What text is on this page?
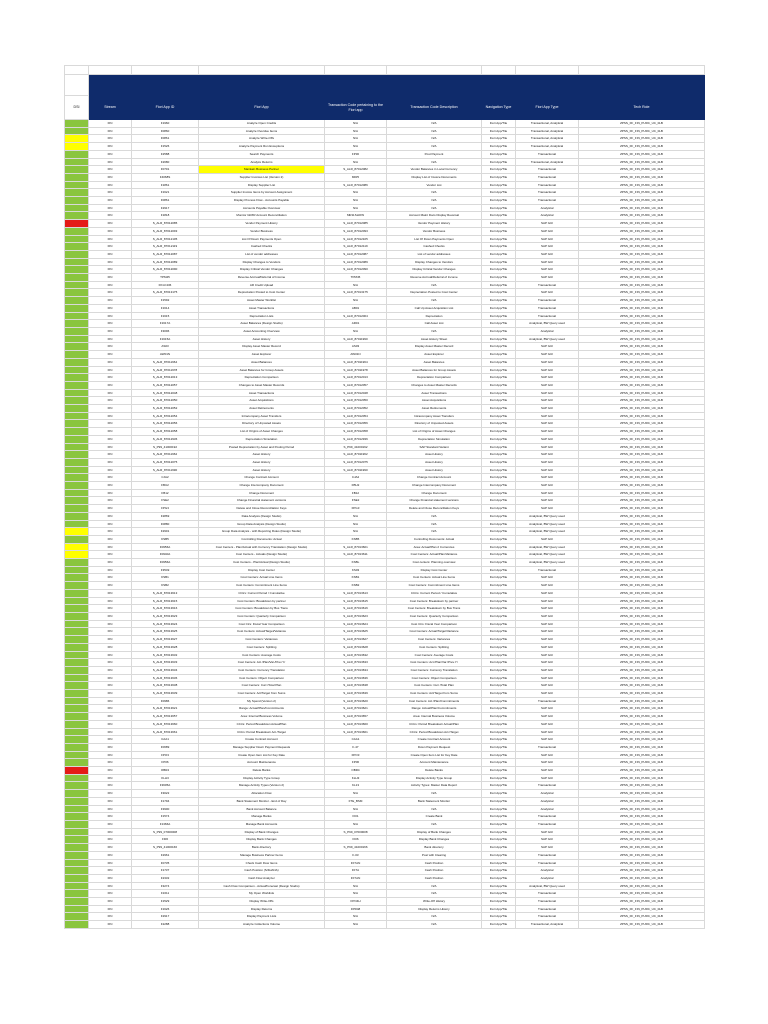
DSI	Stream	Fiori App ID	Fiori App	Transaction Code pertaining to the Fiori app	Transaction Code Description	Navigation Type	Fiori App Type	Tech Role
	FIN	F1960	Analyze Open Credits	N/A	N/A	Fiori App/Tile	Transactional, Analytical	ZPSS_FF_FIN_PURC_UC_0LB
	FIN	F0860	Analyze Overdue Items	N/A	N/A	Fiori App/Tile	Transactional, Analytical	ZPSS_FF_FIN_PURC_UC_0LB
	FIN	F0861	Analyze Write-Offs	N/A	N/A	Fiori App/Tile	Transactional, Analytical	ZPSS_FF_FIN_PURC_UC_0LB
	FIN	F1526	Analyze Payment Run Exceptions	N/A	N/A	Fiori App/Tile	Transactional, Analytical	ZPSS_FF_FIN_PURC_UC_0LB
	FIN	F2588	Search Payments	FP30	Post Payment	Fiori App/Tile	Transactional	ZPSS_FF_FIN_PURC_UC_0LB
	FIN	F2680	Analyze Returns	N/A	N/A	Fiori App/Tile	Transactional, Analytical	ZPSS_FF_FIN_PURC_UC_0LB
	FIN	F0701	Maintain Business Partner	S_ALR_87012082	Vendor Balances in Local Currency	Fiori App/Tile	Transactional	ZPSS_FF_FIN_PURC_UC_0LB
	FIN	F4068S	Supplier Invoices List (Version 2)	MIR5	Display List of Invoice Documents	Fiori App/Tile	Transactional	ZPSS_FF_FIN_PURC_UC_0LB
	FIN	F1861	Display Supplier List	S_ALR_87012086	Vendor List	Fiori App/Tile	Transactional	ZPSS_FF_FIN_PURC_UC_0LB
	FIN	F1621	Supplier Invoice Items by Account Assignment	N/A	N/A	Fiori App/Tile	Transactional	ZPSS_FF_FIN_PURC_UC_0LB
	FIN	F0861	Display Process Flow - Accounts Payable	N/A	N/A	Fiori App/Tile	Transactional	ZPSS_FF_FIN_PURC_UC_0LB
	FIN	F2917	Accounts Payable Overview	N/A	N/A	Fiori App/Tile	Analytical	ZPSS_FF_FIN_PURC_UC_0LB
	FIN	F1818	Monitor GR/IR Account Reconciliation	MR11SHOW	Account Maint Docs Display Reversal	Fiori App/Tile	Analytical	ZPSS_FF_FIN_PURC_UC_0LB
	FIN	S_ALR_87012085	Vendor Payment History	S_ALR_87012085	Vendor Payment History	Fiori App/Tile	SAP GUI	ZPSS_FF_FIN_PURC_UC_0LB
	FIN	S_ALR_87012093	Vendor Business	S_ALR_87012093	Vendor Business	Fiori App/Tile	SAP GUI	ZPSS_FF_FIN_PURC_UC_0LB
	FIN	S_ALR_87012105	List Of Down Payments Open	S_ALR_87012105	List Of Down Payments Open	Fiori App/Tile	SAP GUI	ZPSS_FF_FIN_PURC_UC_0LB
	FIN	S_ALR_87012119	Cashed Checks	S_ALR_87012119	Cashed Checks	Fiori App/Tile	SAP GUI	ZPSS_FF_FIN_PURC_UC_0LB
	FIN	S_ALR_87012087	List of vendor addresses	S_ALR_87012087	List of vendor addresses	Fiori App/Tile	SAP GUI	ZPSS_FF_FIN_PURC_UC_0LB
	FIN	S_ALR_87012089	Display Changes to Vendors	S_ALR_87012089	Display Changes to Vendors	Fiori App/Tile	SAP GUI	ZPSS_FF_FIN_PURC_UC_0LB
	FIN	S_ALR_87012090	Display Critical Vendor Changes	S_ALR_87012090	Display Critical Vendor Changes	Fiori App/Tile	SAP GUI	ZPSS_FF_FIN_PURC_UC_0LB
	FIN	TPM45	Reverse Accrual/Deferral of Income	TPM45	Reverse Accrual/Deferral of Income	Fiori App/Tile	SAP GUI	ZPSS_FF_FIN_PURC_UC_0LB
	FIN	FIN-F436	AR Credit Upload	N/A	N/A	Fiori App/Tile	Transactional	ZPSS_FF_FIN_PURC_UC_0LB
	FIN	S_ALR_87013175	Depreciation Posted to Cost Center	S_ALR_87013175	Depreciation Posted to Cost Center	Fiori App/Tile	SAP GUI	ZPSS_FF_FIN_PURC_UC_0LB
	FIN	F1592	Asset Master Worklist	N/A	N/A	Fiori App/Tile	Transactional	ZPSS_FF_FIN_PURC_UC_0LB
	FIN	F1614	Asset Transactions	AB01	Call Up Asset Acquisition List	Fiori App/Tile	Transactional	ZPSS_FF_FIN_PURC_UC_0LB
	FIN	F1615	Depreciation Lists	S_ALR_87012004	Depreciation	Fiori App/Tile	Transactional	ZPSS_FF_FIN_PURC_UC_0LB
	FIN	F1617A	Asset Balances (Design Studio)	AR01	Call Asset List	Fiori App/Tile	Analytical, BW Query used	ZPSS_FF_FIN_PURC_UC_0LB
	FIN	F3096	Asset Accounting Overview	N/A	N/A	Fiori App/Tile	Analytical	ZPSS_FF_FIN_PURC_UC_0LB
	FIN	F1615A	Asset History	S_ALR_87011990	Asset History Sheet	Fiori App/Tile	Analytical, BW Query used	ZPSS_FF_FIN_PURC_UC_0LB
	FIN	AS03	Display Asset Master Record	AS03	Display Asset Master Record	Fiori App/Tile	SAP GUI	ZPSS_FF_FIN_PURC_UC_0LB
	FIN	AW01N	Asset Explorer	AW01N	Asset Explorer	Fiori App/Tile	SAP GUI	ZPSS_FF_FIN_PURC_UC_0LB
	FIN	S_ALR_87011964	Asset Balances	S_ALR_87011964	Asset Balances	Fiori App/Tile	SAP GUI	ZPSS_FF_FIN_PURC_UC_0LB
	FIN	S_ALR_87011978	Asset Balances for Group Assets	S_ALR_87011978	Asset Balances for Group Assets	Fiori App/Tile	SAP GUI	ZPSS_FF_FIN_PURC_UC_0LB
	FIN	S_ALR_87012013	Depreciation Comparison	S_ALR_87012013	Depreciation Comparison	Fiori App/Tile	SAP GUI	ZPSS_FF_FIN_PURC_UC_0LB
	FIN	S_ALR_87012057	Changes to Asset Master Records	S_ALR_87012057	Changes to Asset Master Records	Fiori App/Tile	SAP GUI	ZPSS_FF_FIN_PURC_UC_0LB
	FIN	S_ALR_87012048	Asset Transactions	S_ALR_87012048	Asset Transactions	Fiori App/Tile	SAP GUI	ZPSS_FF_FIN_PURC_UC_0LB
	FIN	S_ALR_87012050	Asset Acquisitions	S_ALR_87012050	Asset Acquisitions	Fiori App/Tile	SAP GUI	ZPSS_FF_FIN_PURC_UC_0LB
	FIN	S_ALR_87012052	Asset Retirements	S_ALR_87012052	Asset Retirements	Fiori App/Tile	SAP GUI	ZPSS_FF_FIN_PURC_UC_0LB
	FIN	S_ALR_87012054	Intracompany Asset Transfers	S_ALR_87012054	Intracompany Asset Transfers	Fiori App/Tile	SAP GUI	ZPSS_FF_FIN_PURC_UC_0LB
	FIN	S_ALR_87012056	Directory of Unposted Assets	S_ALR_87012056	Directory of Unposted Assets	Fiori App/Tile	SAP GUI	ZPSS_FF_FIN_PURC_UC_0LB
	FIN	S_ALR_87012058	List of Origins of Asset Changes	S_ALR_87012058	List of Origins of Asset Changes	Fiori App/Tile	SAP GUI	ZPSS_FF_FIN_PURC_UC_0LB
	FIN	S_ALR_87012936	Depreciation Simulation	S_ALR_87012936	Depreciation Simulation	Fiori App/Tile	SAP GUI	ZPSS_FF_FIN_PURC_UC_0LB
	FIN	S_P99_41000192	Posted Depreciation by Asset and Posting Period	S_P99_41000192	SAP Standard Variant	Fiori App/Tile	SAP GUI	ZPSS_FF_FIN_PURC_UC_0LB
	FIN	S_ALR_87011962	Asset History	S_ALR_87011962	Asset History	Fiori App/Tile	SAP GUI	ZPSS_FF_FIN_PURC_UC_0LB
	FIN	S_ALR_87012075	Asset History	S_ALR_87012075	Asset History	Fiori App/Tile	SAP GUI	ZPSS_FF_FIN_PURC_UC_0LB
	FIN	S_ALR_87011990	Asset History	S_ALR_87011990	Asset History	Fiori App/Tile	SAP GUI	ZPSS_FF_FIN_PURC_UC_0LB
	FIN	CJA2	Change Contract Account	CJA2	Change Contract Account	Fiori App/Tile	SAP GUI	ZPSS_FF_FIN_PURC_UC_0LB
	FIN	FBU2	Change Intercompany Document	FBU2	Change Intercompany Document	Fiori App/Tile	SAP GUI	ZPSS_FF_FIN_PURC_UC_0LB
	FIN	FB12	Change Document	FB12	Change Document	Fiori App/Tile	SAP GUI	ZPSS_FF_FIN_PURC_UC_0LB
	FIN	FSE2	Change Financial statement versions	FSE2	Change Financial statement versions	Fiori App/Tile	SAP GUI	ZPSS_FF_FIN_PURC_UC_0LB
	FIN	FPG3	Delete and Close Reconciliation Keys	FPG3	Delete and Close Reconciliation Keys	Fiori App/Tile	SAP GUI	ZPSS_FF_FIN_PURC_UC_0LB
	FIN	F2869	Data Analysis (Design Studio)	N/A	N/A	Fiori App/Tile	Analytical, BW Query used	ZPSS_FF_FIN_PURC_UC_0LB
	FIN	F0880	Group Data Analysis (Design Studio)	N/A	N/A	Fiori App/Tile	Analytical, BW Query used	ZPSS_FF_FIN_PURC_UC_0LB
	FIN	F2901	Group Data Analysis - with Reporting Rules (Design Studio)	N/A	N/A	Fiori App/Tile	Analytical, BW Query used	ZPSS_FF_FIN_PURC_UC_0LB
	FIN	KSB5	Controlling Documents: Actual	KSB5	Controlling Documents: Actual	Fiori App/Tile	SAP GUI	ZPSS_FF_FIN_PURC_UC_0LB
	FIN	F0956A	Cost Centers - Plan/Actual with Currency Translation (Design Studio)	S_ALR_87013601	Area: Actual/Plan 2 Currencies	Fiori App/Tile	Analytical, BW Query used	ZPSS_FF_FIN_PURC_UC_0LB
	FIN	F0940A	Cost Centers - Actuals (Design Studio)	S_ALR_87013611	Cost Centers: Actual/Plan/Variance	Fiori App/Tile	Analytical, BW Query used	ZPSS_FF_FIN_PURC_UC_0LB
	FIN	F0956A	Cost Centers - Plan/Actual (Design Studio)	KSBL	Cost centers: Planning overview	Fiori App/Tile	Analytical, BW Query used	ZPSS_FF_FIN_PURC_UC_0LB
	FIN	F3549	Display Cost Center	KS03	Display Cost Center	Fiori App/Tile	Transactional	ZPSS_FF_FIN_PURC_UC_0LB
	FIN	KSB1	Cost Centers: Actual Line Items	KSB1	Cost Centers: Actual Line Items	Fiori App/Tile	SAP GUI	ZPSS_FF_FIN_PURC_UC_0LB
	FIN	KSB2	Cost Centers: Commitment Line Items	KSB2	Cost Centers: Commitment Line Items	Fiori App/Tile	SAP GUI	ZPSS_FF_FIN_PURC_UC_0LB
	FIN	S_ALR_87013613	CCtrs: Current Period / Cumulative	S_ALR_87013613	CCtrs: Current Period / Cumulative	Fiori App/Tile	SAP GUI	ZPSS_FF_FIN_PURC_UC_0LB
	FIN	S_ALR_87013615	Cost Centers: Breakdown by partner	S_ALR_87013615	Cost Centers: Breakdown by partner	Fiori App/Tile	SAP GUI	ZPSS_FF_FIN_PURC_UC_0LB
	FIN	S_ALR_87013616	Cost Centers: Breakdown by Bus Trans	S_ALR_87013616	Cost Centers: Breakdown by Bus Trans	Fiori App/Tile	SAP GUI	ZPSS_FF_FIN_PURC_UC_0LB
	FIN	S_ALR_87013623	Cost Centers: Quarterly Comparison	S_ALR_87013623	Cost Centers: Quarterly Comparison	Fiori App/Tile	SAP GUI	ZPSS_FF_FIN_PURC_UC_0LB
	FIN	S_ALR_87013624	Cost Ctrs: Fiscal Year Comparison	S_ALR_87013624	Cost Ctrs: Fiscal Year Comparison	Fiori App/Tile	SAP GUI	ZPSS_FF_FIN_PURC_UC_0LB
	FIN	S_ALR_87013625	Cost Centers: Actual/Target/Variance	S_ALR_87013625	Cost Centers: Actual/Target/Variance	Fiori App/Tile	SAP GUI	ZPSS_FF_FIN_PURC_UC_0LB
	FIN	S_ALR_87013627	Cost Centers: Variances	S_ALR_87013627	Cost Centers: Variances	Fiori App/Tile	SAP GUI	ZPSS_FF_FIN_PURC_UC_0LB
	FIN	S_ALR_87013628	Cost Centers: Splitting	S_ALR_87013628	Cost Centers: Splitting	Fiori App/Tile	SAP GUI	ZPSS_FF_FIN_PURC_UC_0LB
	FIN	S_ALR_87013632	Cost Centers: Average Costs	S_ALR_87013632	Cost Centers: Average Costs	Fiori App/Tile	SAP GUI	ZPSS_FF_FIN_PURC_UC_0LB
	FIN	S_ALR_87013633	Cost Centers: Act./Plan/Var./Prev.Yr	S_ALR_87013633	Cost Centers: Act./Plan/Var./Prev.Yr	Fiori App/Tile	SAP GUI	ZPSS_FF_FIN_PURC_UC_0LB
	FIN	S_ALR_87013634	Cost Centers: Currency Translation	S_ALR_87013634	Cost Centers: Currency Translation	Fiori App/Tile	SAP GUI	ZPSS_FF_FIN_PURC_UC_0LB
	FIN	S_ALR_87013636	Cost Centers: Object Comparison	S_ALR_87013636	Cost Centers: Object Comparison	Fiori App/Tile	SAP GUI	ZPSS_FF_FIN_PURC_UC_0LB
	FIN	S_ALR_87013638	Cost Centers: Curr./Total Plan	S_ALR_87013638	Cost Centers: Curr./Total Plan	Fiori App/Tile	SAP GUI	ZPSS_FF_FIN_PURC_UC_0LB
	FIN	S_ALR_87013639	Cost Centers: Act/Target from Sums	S_ALR_87013639	Cost Centers: Act/Target from Sums	Fiori App/Tile	SAP GUI	ZPSS_FF_FIN_PURC_UC_0LB
	FIN	F0986	My Spend (Version 2)	S_ALR_87013620	Cost Centers: Act./Plan/Commitments	Fiori App/Tile	Transactional	ZPSS_FF_FIN_PURC_UC_0LB
	FIN	S_ALR_87013621	Range: Actual/Plan/Commitments	S_ALR_87013621	Range: Actual/Plan/Commitments	Fiori App/Tile	SAP GUI	ZPSS_FF_FIN_PURC_UC_0LB
	FIN	S_ALR_87013657	Area: Internal Business Volume	S_ALR_87013657	Area: Internal Business Volume	Fiori App/Tile	SAP GUI	ZPSS_FF_FIN_PURC_UC_0LB
	FIN	S_ALR_87013660	CCtrs: Period Breakdown Actual/Plan	S_ALR_87013660	CCtrs: Period Breakdown Actual/Plan	Fiori App/Tile	SAP GUI	ZPSS_FF_FIN_PURC_UC_0LB
	FIN	S_ALR_87013661	CCtrs: Period Breakdown Act./Target	S_ALR_87013661	CCtrs: Period Breakdown Act./Target	Fiori App/Tile	SAP GUI	ZPSS_FF_FIN_PURC_UC_0LB
	FIN	CAA1	Create Contract Account	CAA1	Create Contract Account	Fiori App/Tile	SAP GUI	ZPSS_FF_FIN_PURC_UC_0LB
	FIN	F0689	Manage Supplier Down Payment Requests	F-47	Down Payment Request	Fiori App/Tile	Transactional	ZPSS_FF_FIN_PURC_UC_0LB
	FIN	FPO3	Create Open Item List for Key Date	FPO3	Create Open Item List for Key Date	Fiori App/Tile	SAP GUI	ZPSS_FF_FIN_PURC_UC_0LB
	FIN	FP06	Account Maintenance	FP06	Account Maintenance	Fiori App/Tile	SAP GUI	ZPSS_FF_FIN_PURC_UC_0LB
	FIN	OBR4	Delete Banks	OBR4	Delete Banks	Fiori App/Tile	SAP GUI	ZPSS_FF_FIN_PURC_UC_0LB
	FIN	KLH3	Display Activity Type Group	KLH3	Display Activity Type Group	Fiori App/Tile	SAP GUI	ZPSS_FF_FIN_PURC_UC_0LB
	FIN	F3605A	Manage Activity Types (Version 2)	KL13	Activity Types: Master Data Report	Fiori App/Tile	Transactional	ZPSS_FF_FIN_PURC_UC_0LB
	FIN	F3022	Allocation Flow	N/A	N/A	Fiori App/Tile	Analytical	ZPSS_FF_FIN_PURC_UC_0LB
	FIN	F1794	Bank Statement Monitor - End of Day	FTE_BSM	Bank Statement Monitor	Fiori App/Tile	Analytical	ZPSS_FF_FIN_PURC_UC_0LB
	FIN	F3900	Bank Account Balance	N/A	N/A	Fiori App/Tile	Analytical	ZPSS_FF_FIN_PURC_UC_0LB
	FIN	F1574	Manage Banks	FI01	Create Bank	Fiori App/Tile	Transactional	ZPSS_FF_FIN_PURC_UC_0LB
	FIN	F1366A	Manage Bank Accounts	N/A	N/A	Fiori App/Tile	Transactional	ZPSS_FF_FIN_PURC_UC_0LB
	FIN	S_P99_07000008	Display of Bank Changes	S_P99_07000008	Display of Bank Changes	Fiori App/Tile	SAP GUI	ZPSS_FF_FIN_PURC_UC_0LB
	FIN	FI06	Display Bank Changes	FI06	Display Bank Changes	Fiori App/Tile	SAP GUI	ZPSS_FF_FIN_PURC_UC_0LB
	FIN	S_P99_41000166	Bank directory	S_P99_41000166	Bank directory	Fiori App/Tile	SAP GUI	ZPSS_FF_FIN_PURC_UC_0LB
	FIN	F2961	Manage Business Partner Items	F-03	Post with Clearing	Fiori App/Tile	Transactional	ZPSS_FF_FIN_PURC_UC_0LB
	FIN	F0735	Check Cash Flow Items	FF7AN	Cash Position	Fiori App/Tile	Transactional	ZPSS_FF_FIN_PURC_UC_0LB
	FIN	F1737	Cash Position (S/4HANA)	FF7A	Cash Position	Fiori App/Tile	Analytical	ZPSS_FF_FIN_PURC_UC_0LB
	FIN	F2332	Cash Flow Analyzer	FF7AN	Cash Position	Fiori App/Tile	Analytical	ZPSS_FF_FIN_PURC_UC_0LB
	FIN	F3274	Cash Flow Comparison - Actual/Forecast (Design Studio)	N/A	N/A	Fiori App/Tile	Analytical, BW Query used	ZPSS_FF_FIN_PURC_UC_0LB
	FIN	F1611	My Open Worklists	N/A	N/A	Fiori App/Tile	Transactional	ZPSS_FF_FIN_PURC_UC_0LB
	FIN	F1529	Display Write-Offs	FPO4H	Write-Off History	Fiori App/Tile	Transactional	ZPSS_FF_FIN_PURC_UC_0LB
	FIN	F1626	Display Returns	FPR48	Display Returns History	Fiori App/Tile	Transactional	ZPSS_FF_FIN_PURC_UC_0LB
	FIN	F2917	Display Payment Lists	N/A	N/A	Fiori App/Tile	Transactional	ZPSS_FF_FIN_PURC_UC_0LB
	FIN	F2288	Analyze Collections Volume	N/A	N/A	Fiori App/Tile	Transactional, Analytical	ZPSS_FF_FIN_PURC_UC_0LB
